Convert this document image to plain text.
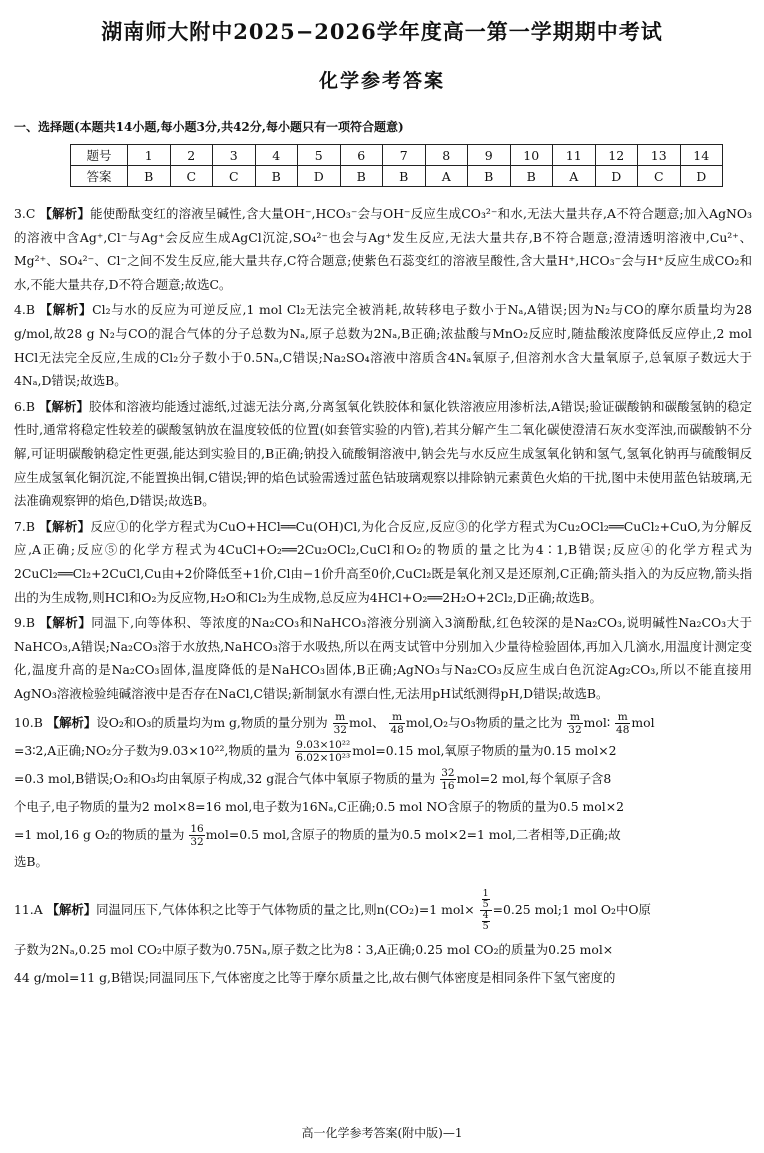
湖南师大附中2025−2026学年度高一第一学期期中考试
化学参考答案
一、选择题(本题共14小题,每小题3分,共42分,每小题只有一项符合题意)
题号	1	2	3	4	5	6	7	8	9	10	11	12	13	14
答案	B	C	C	B	D	B	B	A	B	B	A	D	C	D

3.C 【解析】能使酚酞变红的溶液呈碱性,含大量OH⁻,HCO₃⁻会与OH⁻反应生成CO₃²⁻和水,无法大量共存,A不符合题意;加入AgNO₃的溶液中含Ag⁺,Cl⁻与Ag⁺会反应生成AgCl沉淀,SO₄²⁻也会与Ag⁺发生反应,无法大量共存,B不符合题意;澄清透明溶液中,Cu²⁺、Mg²⁺、SO₄²⁻、Cl⁻之间不发生反应,能大量共存,C符合题意;使紫色石蕊变红的溶液呈酸性,含大量H⁺,HCO₃⁻会与H⁺反应生成CO₂和水,不能大量共存,D不符合题意;故选C。

4.B 【解析】Cl₂与水的反应为可逆反应,1 mol Cl₂无法完全被消耗,故转移电子数小于Nₐ,A错误;因为N₂与CO的摩尔质量均为28 g/mol,故28 g N₂与CO的混合气体的分子总数为Nₐ,原子总数为2Nₐ,B正确;浓盐酸与MnO₂反应时,随盐酸浓度降低反应停止,2 mol HCl无法完全反应,生成的Cl₂分子数小于0.5Nₐ,C错误;Na₂SO₄溶液中溶质含4Nₐ氧原子,但溶剂水含大量氧原子,总氧原子数远大于4Nₐ,D错误;故选B。

6.B 【解析】胶体和溶液均能透过滤纸,过滤无法分离,分离氢氧化铁胶体和氯化铁溶液应用渗析法,A错误;验证碳酸钠和碳酸氢钠的稳定性时,通常将稳定性较差的碳酸氢钠放在温度较低的位置(如套管实验的内管),若其分解产生二氧化碳使澄清石灰水变浑浊,而碳酸钠不分解,可证明碳酸钠稳定性更强,能达到实验目的,B正确;钠投入硫酸铜溶液中,钠会先与水反应生成氢氧化钠和氢气,氢氧化钠再与硫酸铜反应生成氢氧化铜沉淀,不能置换出铜,C错误;钾的焰色试验需透过蓝色钴玻璃观察以排除钠元素黄色火焰的干扰,图中未使用蓝色钴玻璃,无法准确观察钾的焰色,D错误;故选B。

7.B 【解析】反应①的化学方程式为CuO+HCl══Cu(OH)Cl,为化合反应,反应③的化学方程式为Cu₂OCl₂══CuCl₂+CuO,为分解反应,A正确;反应⑤的化学方程式为4CuCl+O₂══2Cu₂OCl₂,CuCl和O₂的物质的量之比为4∶1,B错误;反应④的化学方程式为2CuCl₂══Cl₂+2CuCl,Cu由+2价降低至+1价,Cl由−1价升高至0价,CuCl₂既是氧化剂又是还原剂,C正确;箭头指入的为反应物,箭头指出的为生成物,则HCl和O₂为反应物,H₂O和Cl₂为生成物,总反应为4HCl+O₂══2H₂O+2Cl₂,D正确;故选B。

9.B 【解析】同温下,向等体积、等浓度的Na₂CO₃和NaHCO₃溶液分别滴入3滴酚酞,红色较深的是Na₂CO₃,说明碱性Na₂CO₃大于NaHCO₃,A错误;Na₂CO₃溶于水放热,NaHCO₃溶于水吸热,所以在两支试管中分别加入少量待检验固体,再加入几滴水,用温度计测定变化,温度升高的是Na₂CO₃固体,温度降低的是NaHCO₃固体,B正确;AgNO₃与Na₂CO₃反应生成白色沉淀Ag₂CO₃,所以不能直接用AgNO₃溶液检验纯碱溶液中是否存在NaCl,C错误;新制氯水有漂白性,无法用pH试纸测得pH,D错误;故选B。

10.B 【解析】设O₂和O₃的质量均为m g,物质的量分别为 $\frac{m}{32}$ mol、 $\frac{m}{48} mol,O_2$与O₃物质的量之比为 $\frac{m}{32}$ mol∶ $\frac{m}{48}$ mol
=3∶2,A正确;NO₂分子数为9.03×10²²,物质的量为 $\frac{\text{9.03×10²²}}{\text{6.02×10²³}} mol=0.15$ mol,氧原子物质的量为0.15 mol×2
=0.3 mol,B错误;O₂和O₃均由氧原子构成,32 g混合气体中氧原子物质的量为 $\frac{32}{16} mol=2$ mol,每个氧原子含8
个电子,电子物质的量为2 mol×8=16 mol,电子数为16Nₐ,C正确;0.5 mol NO含原子的物质的量为0.5 mol×2
=1 mol,16 g O₂的物质的量为 $\frac{16}{32} mol=0.5$ mol,含原子的物质的量为0.5 mol×2=1 mol,二者相等,D正确;故
选B。
11.A 【解析】同温同压下,气体体积之比等于气体物质的量之比,则n(CO₂)=1 $mol\times \frac{\frac{1}{5}}{\frac{4}{5}} =0.25$ mol;1 mol O₂中O原
子数为2Nₐ,0.25 mol CO₂中原子数为0.75Nₐ,原子数之比为8∶3,A正确;0.25 mol CO₂的质量为0.25 mol×
44 g/mol=11 g,B错误;同温同压下,气体密度之比等于摩尔质量之比,故右侧气体密度是相同条件下氢气密度的
高一化学参考答案(附中版)—1
